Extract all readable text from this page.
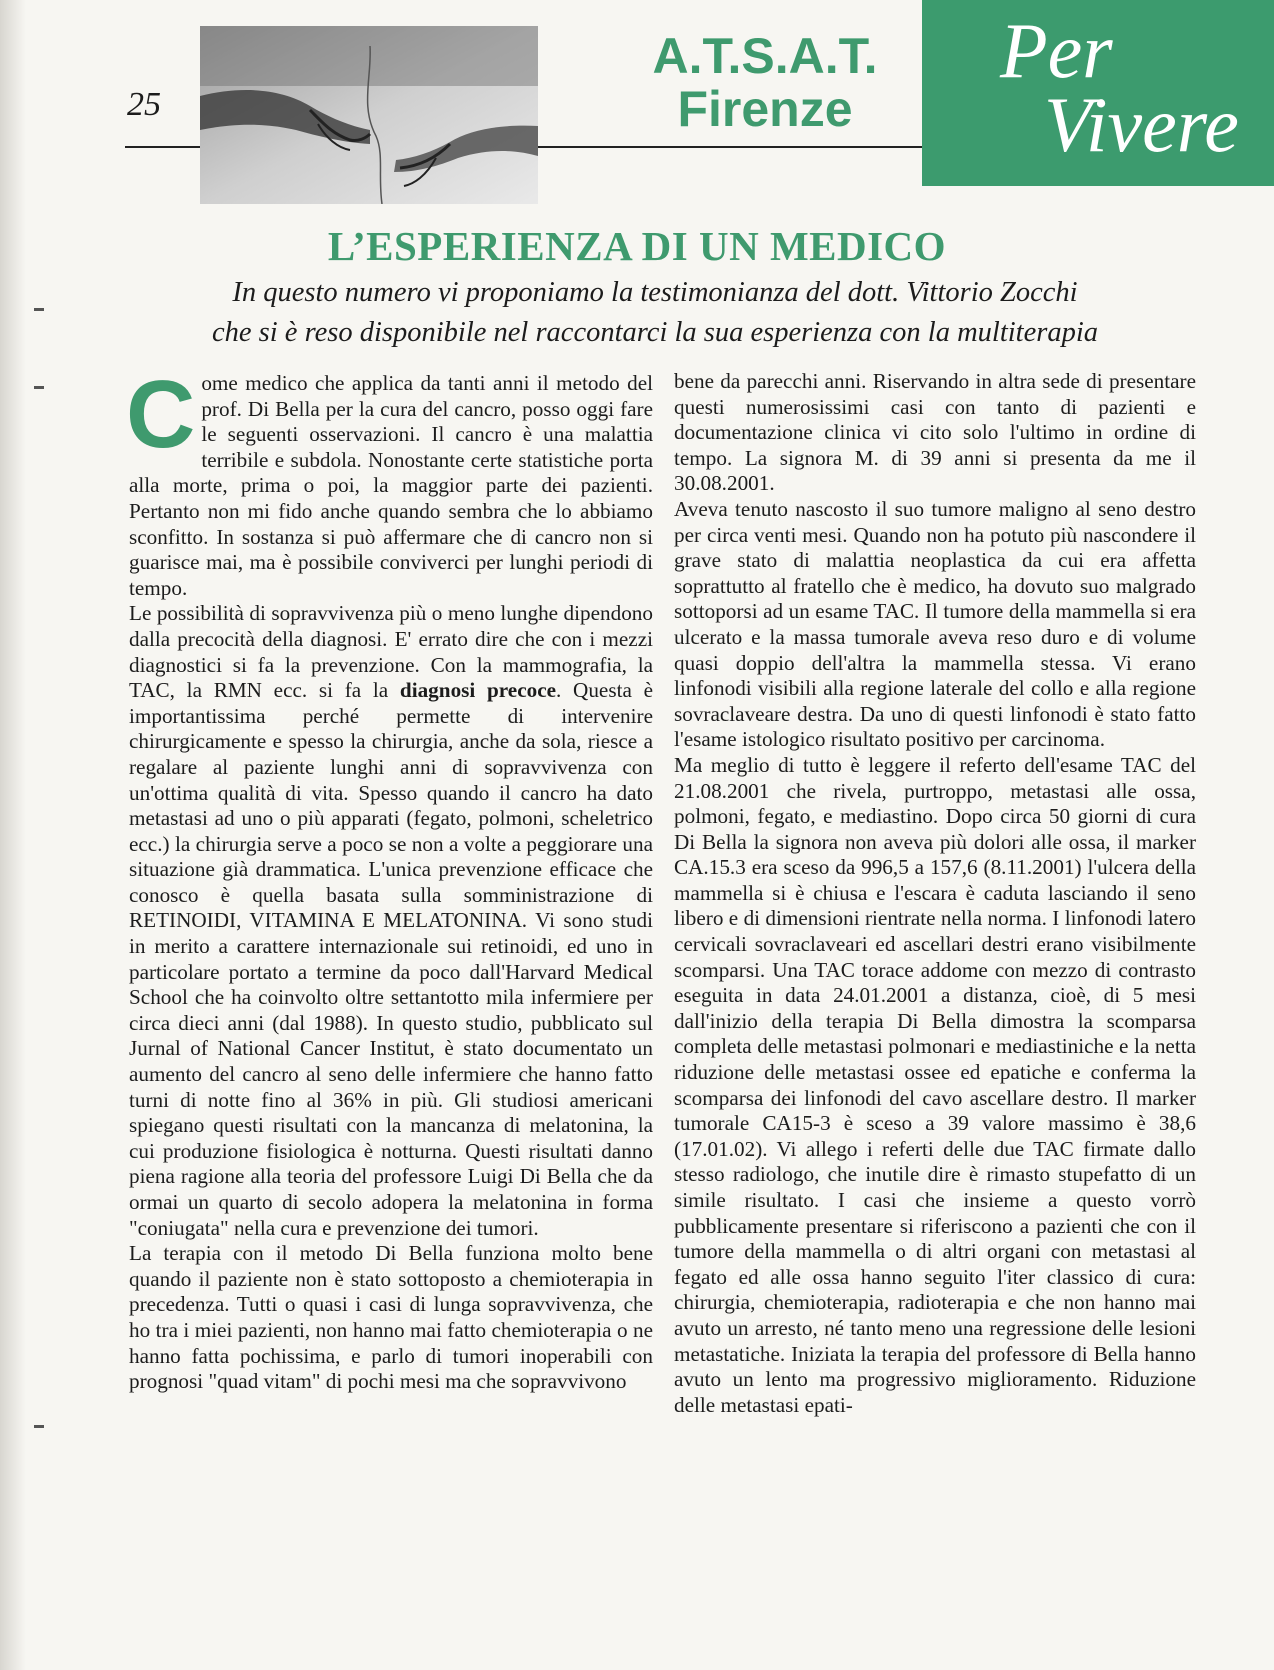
25
A.T.S.A.T.
Firenze
Per
Vivere
L’ESPERIENZA DI UN MEDICO
In questo numero vi proponiamo la testimonianza del dott. Vittorio Zocchi
che si è reso disponibile nel raccontarci la sua esperienza con la multiterapia

Come medico che applica da tanti anni il metodo del prof. Di Bella per la cura del cancro, posso oggi fare le seguenti osservazioni. Il cancro è una malattia terribile e subdola. Nonostante certe statistiche porta alla morte, prima o poi, la maggior parte dei pazienti. Pertanto non mi fido anche quando sembra che lo abbiamo sconfitto. In sostanza si può affermare che di cancro non si guarisce mai, ma è possibile conviverci per lunghi periodi di tempo.

Le possibilità di sopravvivenza più o meno lunghe dipendono dalla precocità della diagnosi. E' errato dire che con i mezzi diagnostici si fa la prevenzione. Con la mammografia, la TAC, la RMN ecc. si fa la diagnosi precoce. Questa è importantissima perché permette di intervenire chirurgicamente e spesso la chirurgia, anche da sola, riesce a regalare al paziente lunghi anni di sopravvivenza con un'ottima qualità di vita. Spesso quando il cancro ha dato metastasi ad uno o più apparati (fegato, polmoni, scheletrico ecc.) la chirurgia serve a poco se non a volte a peggiorare una situazione già drammatica. L'unica prevenzione efficace che conosco è quella basata sulla somministrazione di RETINOIDI, VITAMINA E MELATONINA. Vi sono studi in merito a carattere internazionale sui retinoidi, ed uno in particolare portato a termine da poco dall'Harvard Medical School che ha coinvolto oltre settantotto mila infermiere per circa dieci anni (dal 1988). In questo studio, pubblicato sul Jurnal of National Cancer Institut, è stato documentato un aumento del cancro al seno delle infermiere che hanno fatto turni di notte fino al 36% in più. Gli studiosi americani spiegano questi risultati con la mancanza di melatonina, la cui produzione fisiologica è notturna. Questi risultati danno piena ragione alla teoria del professore Luigi Di Bella che da ormai un quarto di secolo adopera la melatonina in forma "coniugata" nella cura e prevenzione dei tumori.

La terapia con il metodo Di Bella funziona molto bene quando il paziente non è stato sottoposto a chemioterapia in precedenza. Tutti o quasi i casi di lunga sopravvivenza, che ho tra i miei pazienti, non hanno mai fatto chemioterapia o ne hanno fatta pochissima, e parlo di tumori inoperabili con prognosi "quad vitam" di pochi mesi ma che sopravvivono

bene da parecchi anni. Riservando in altra sede di presentare questi numerosissimi casi con tanto di pazienti e documentazione clinica vi cito solo l'ultimo in ordine di tempo. La signora M. di 39 anni si presenta da me il 30.08.2001.

Aveva tenuto nascosto il suo tumore maligno al seno destro per circa venti mesi. Quando non ha potuto più nascondere il grave stato di malattia neoplastica da cui era affetta soprattutto al fratello che è medico, ha dovuto suo malgrado sottoporsi ad un esame TAC. Il tumore della mammella si era ulcerato e la massa tumorale aveva reso duro e di volume quasi doppio dell'altra la mammella stessa. Vi erano linfonodi visibili alla regione laterale del collo e alla regione sovraclaveare destra. Da uno di questi linfonodi è stato fatto l'esame istologico risultato positivo per carcinoma.

Ma meglio di tutto è leggere il referto dell'esame TAC del 21.08.2001 che rivela, purtroppo, metastasi alle ossa, polmoni, fegato, e mediastino. Dopo circa 50 giorni di cura Di Bella la signora non aveva più dolori alle ossa, il marker CA.15.3 era sceso da 996,5 a 157,6 (8.11.2001) l'ulcera della mammella si è chiusa e l'escara è caduta lasciando il seno libero e di dimensioni rientrate nella norma. I linfonodi latero cervicali sovraclaveari ed ascellari destri erano visibilmente scomparsi. Una TAC torace addome con mezzo di contrasto eseguita in data 24.01.2001 a distanza, cioè, di 5 mesi dall'inizio della terapia Di Bella dimostra la scomparsa completa delle metastasi polmonari e mediastiniche e la netta riduzione delle metastasi ossee ed epatiche e conferma la scomparsa dei linfonodi del cavo ascellare destro. Il marker tumorale CA15-3 è sceso a 39 valore massimo è 38,6 (17.01.02). Vi allego i referti delle due TAC firmate dallo stesso radiologo, che inutile dire è rimasto stupefatto di un simile risultato. I casi che insieme a questo vorrò pubblicamente presentare si riferiscono a pazienti che con il tumore della mammella o di altri organi con metastasi al fegato ed alle ossa hanno seguito l'iter classico di cura: chirurgia, chemioterapia, radioterapia e che non hanno mai avuto un arresto, né tanto meno una regressione delle lesioni metastatiche. Iniziata la terapia del professore di Bella hanno avuto un lento ma progressivo miglioramento. Riduzione delle metastasi epati-
